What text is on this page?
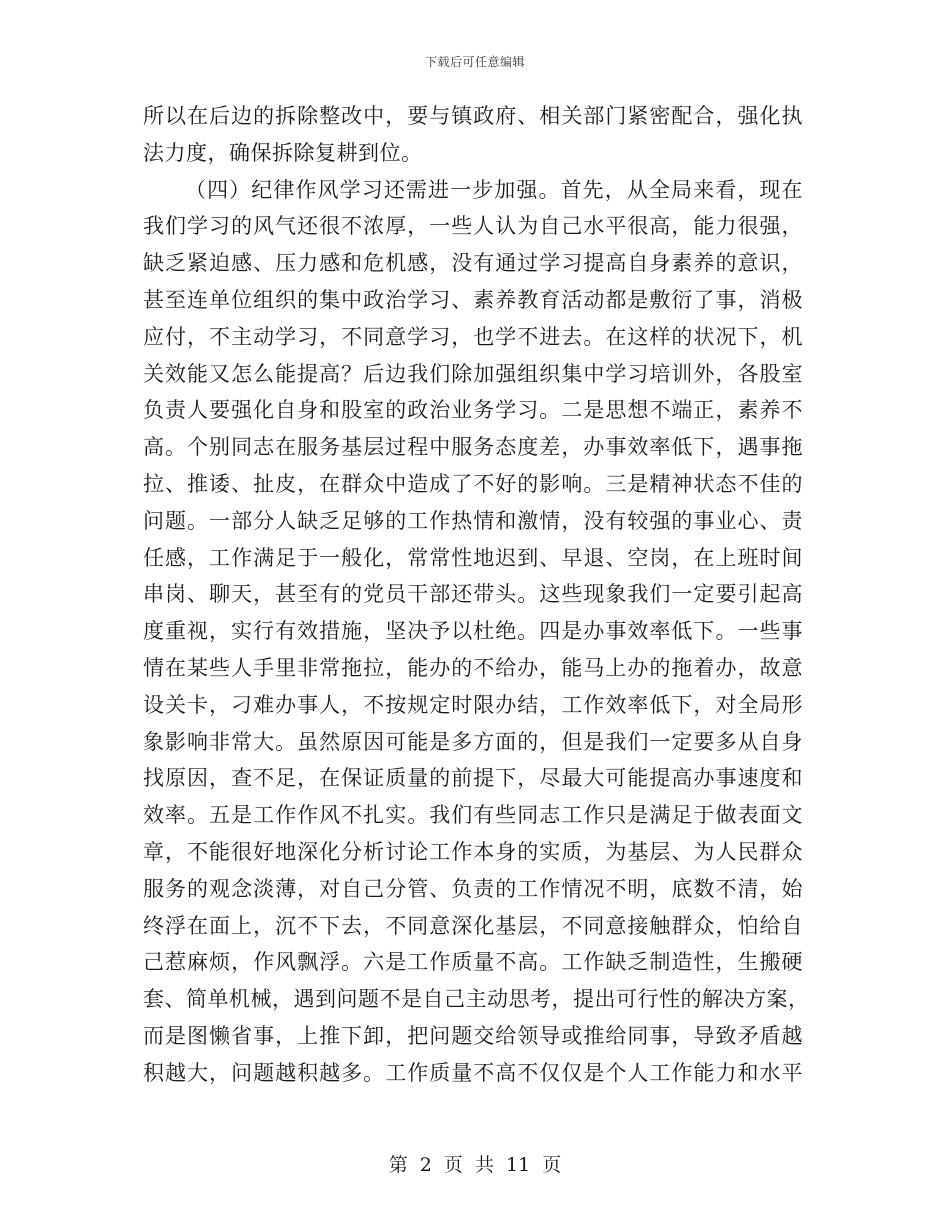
下载后可任意编辑
所以在后边的拆除整改中，要与镇政府、相关部门紧密配合，强化执
法力度，确保拆除复耕到位。
（四）纪律作风学习还需进一步加强。首先，从全局来看，现在
我们学习的风气还很不浓厚，一些人认为自己水平很高，能力很强，
缺乏紧迫感、压力感和危机感，没有通过学习提高自身素养的意识，
甚至连单位组织的集中政治学习、素养教育活动都是敷衍了事，消极
应付，不主动学习，不同意学习，也学不进去。在这样的状况下，机
关效能又怎么能提高？后边我们除加强组织集中学习培训外，各股室
负责人要强化自身和股室的政治业务学习。二是思想不端正，素养不
高。个别同志在服务基层过程中服务态度差，办事效率低下，遇事拖
拉、推诿、扯皮，在群众中造成了不好的影响。三是精神状态不佳的
问题。一部分人缺乏足够的工作热情和激情，没有较强的事业心、责
任感，工作满足于一般化，常常性地迟到、早退、空岗，在上班时间
串岗、聊天，甚至有的党员干部还带头。这些现象我们一定要引起高
度重视，实行有效措施，坚决予以杜绝。四是办事效率低下。一些事
情在某些人手里非常拖拉，能办的不给办，能马上办的拖着办，故意
设关卡，刁难办事人，不按规定时限办结，工作效率低下，对全局形
象影响非常大。虽然原因可能是多方面的，但是我们一定要多从自身
找原因，查不足，在保证质量的前提下，尽最大可能提高办事速度和
效率。五是工作作风不扎实。我们有些同志工作只是满足于做表面文
章，不能很好地深化分析讨论工作本身的实质，为基层、为人民群众
服务的观念淡薄，对自己分管、负责的工作情况不明，底数不清，始
终浮在面上，沉不下去，不同意深化基层，不同意接触群众，怕给自
己惹麻烦，作风飘浮。六是工作质量不高。工作缺乏制造性，生搬硬
套、简单机械，遇到问题不是自己主动思考，提出可行性的解决方案，
而是图懒省事，上推下卸，把问题交给领导或推给同事，导致矛盾越
积越大，问题越积越多。工作质量不高不仅仅是个人工作能力和水平
第 2 页 共 11 页
